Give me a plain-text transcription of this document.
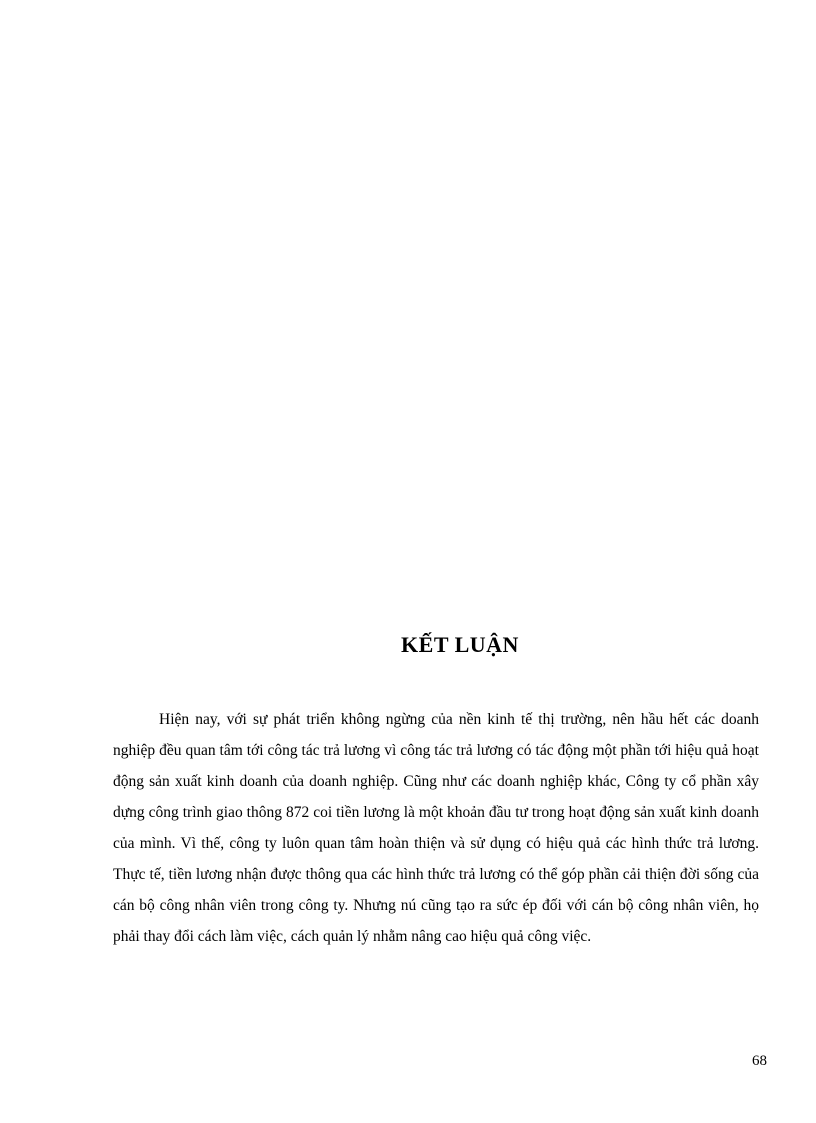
KẾT LUẬN

Hiện nay, với sự phát triển không ngừng của nền kinh tế thị trường, nên hầu hết các doanh nghiệp đều quan tâm tới công tác trả lương vì công tác trả lương có tác động một phần tới hiệu quả hoạt động sản xuất kinh doanh của doanh nghiệp. Cũng như các doanh nghiệp khác, Công ty cổ phần xây dựng công trình giao thông 872 coi tiền lương là một khoản đầu tư trong hoạt động sản xuất kinh doanh của mình. Vì thế, công ty luôn quan tâm hoàn thiện và sử dụng có hiệu quả các hình thức trả lương. Thực tế, tiền lương nhận được thông qua các hình thức trả lương có thể góp phần cải thiện đời sống của cán bộ công nhân viên trong công ty. Nhưng nú cũng tạo ra sức ép đối với cán bộ công nhân viên, họ phải thay đổi cách làm việc, cách quản lý nhằm nâng cao hiệu quả công việc.

68
